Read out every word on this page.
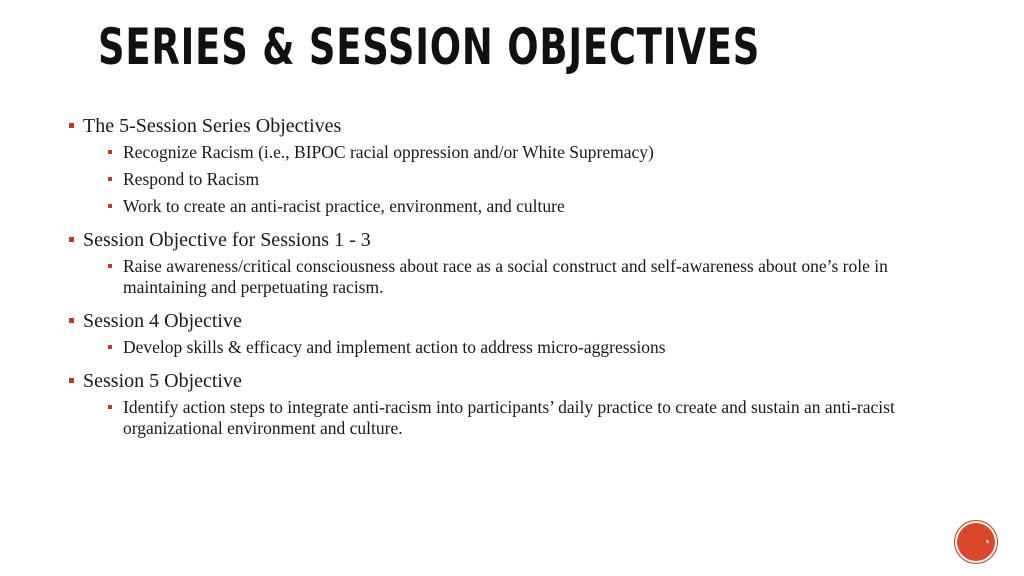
SERIES & SESSION OBJECTIVES
The 5-Session Series Objectives
Recognize Racism (i.e., BIPOC racial oppression and/or White Supremacy)
Respond to Racism
Work to create an anti-racist practice, environment, and culture
Session Objective for Sessions 1 - 3
Raise awareness/critical consciousness about race as a social construct and self-awareness about one’s role in maintaining and perpetuating racism.
Session 4 Objective
Develop skills & efficacy and implement action to address micro-aggressions
Session 5 Objective
Identify action steps to integrate anti-racism into participants’ daily practice to create and sustain an anti-racist organizational environment and culture.
